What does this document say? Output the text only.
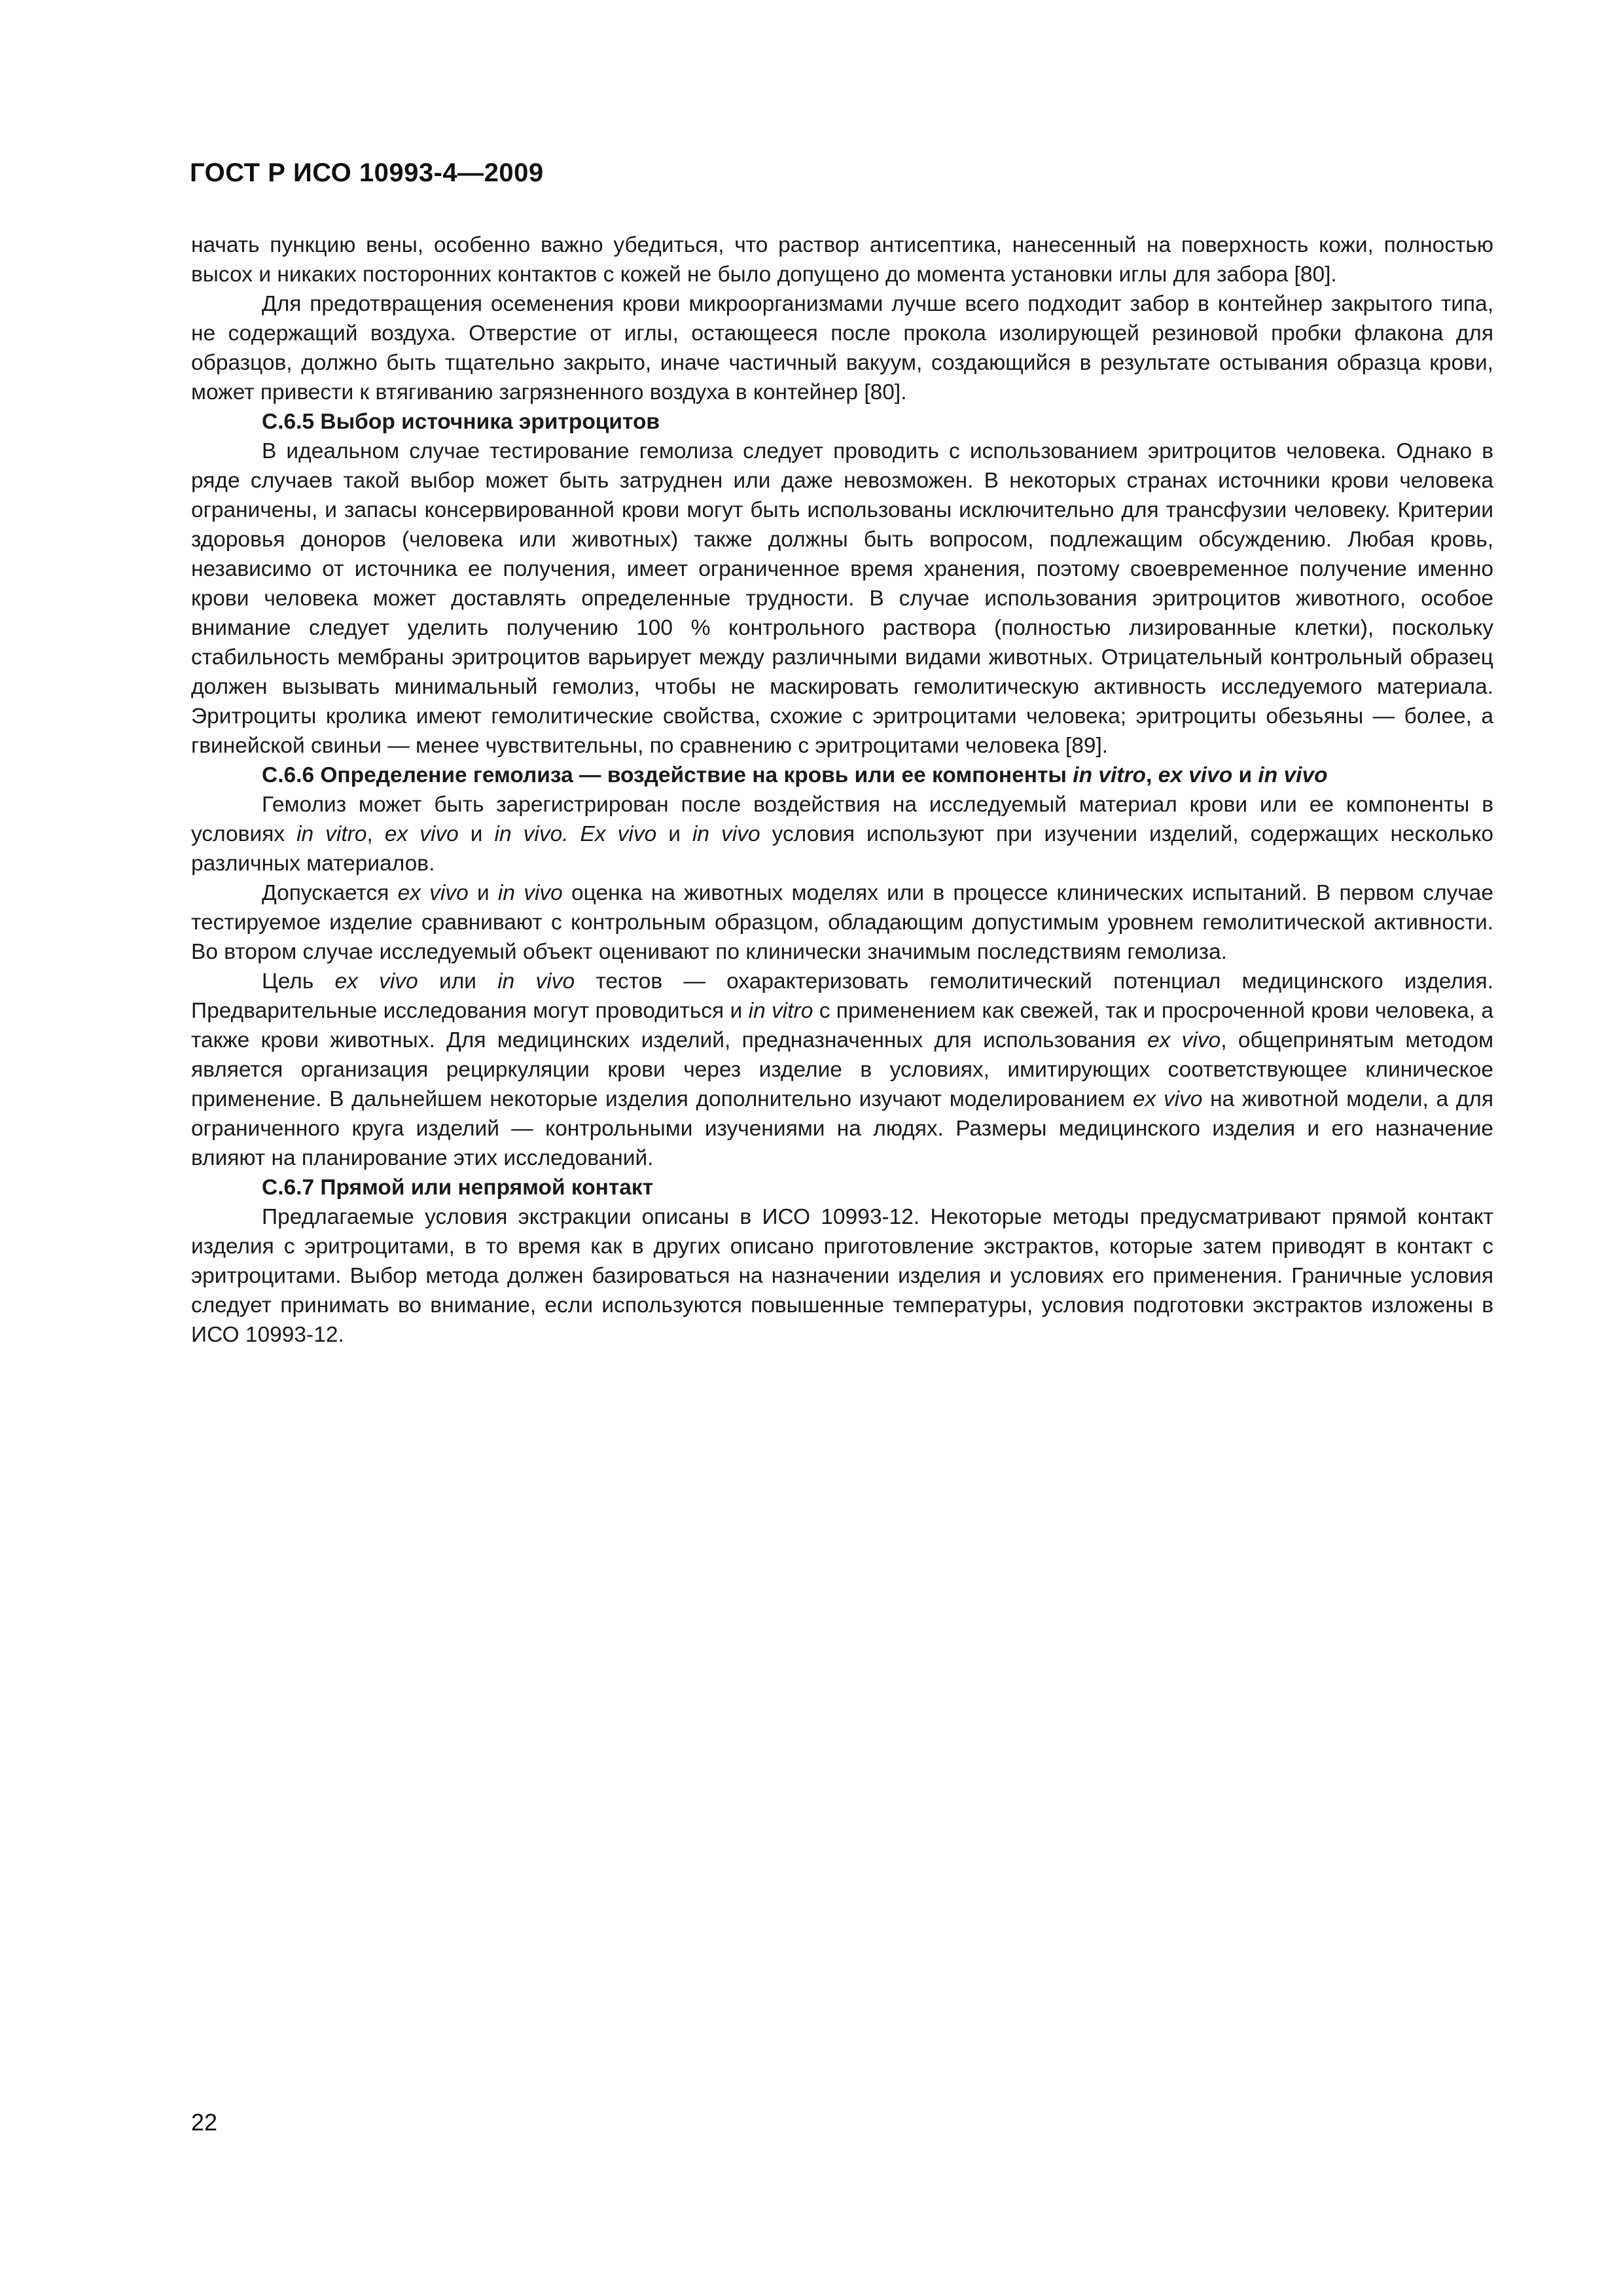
ГОСТ Р ИСО 10993-4—2009

начать пункцию вены, особенно важно убедиться, что раствор антисептика, нанесенный на поверхность кожи, полностью высох и никаких посторонних контактов с кожей не было допущено до момента установки иглы для забора [80].

Для предотвращения осеменения крови микроорганизмами лучше всего подходит забор в контейнер закрытого типа, не содержащий воздуха. Отверстие от иглы, остающееся после прокола изолирующей резиновой пробки флакона для образцов, должно быть тщательно закрыто, иначе частичный вакуум, создающийся в результате остывания образца крови, может привести к втягиванию загрязненного воздуха в контейнер [80].

С.6.5 Выбор источника эритроцитов

В идеальном случае тестирование гемолиза следует проводить с использованием эритроцитов человека. Однако в ряде случаев такой выбор может быть затруднен или даже невозможен. В некоторых странах источники крови человека ограничены, и запасы консервированной крови могут быть использованы исключительно для трансфузии человеку. Критерии здоровья доноров (человека или животных) также должны быть вопросом, подлежащим обсуждению. Любая кровь, независимо от источника ее получения, имеет ограниченное время хранения, поэтому своевременное получение именно крови человека может доставлять определенные трудности. В случае использования эритроцитов животного, особое внимание следует уделить получению 100 % контрольного раствора (полностью лизированные клетки), поскольку стабильность мембраны эритроцитов варьирует между различными видами животных. Отрицательный контрольный образец должен вызывать минимальный гемолиз, чтобы не маскировать гемолитическую активность исследуемого материала. Эритроциты кролика имеют гемолитические свойства, схожие с эритроцитами человека; эритроциты обезьяны — более, а гвинейской свиньи — менее чувствительны, по сравнению с эритроцитами человека [89].

С.6.6 Определение гемолиза — воздействие на кровь или ее компоненты in vitro, ex vivo и in vivo

Гемолиз может быть зарегистрирован после воздействия на исследуемый материал крови или ее компоненты в условиях in vitro, ex vivo и in vivo. Ex vivo и in vivo условия используют при изучении изделий, содержащих несколько различных материалов.

Допускается ex vivo и in vivo оценка на животных моделях или в процессе клинических испытаний. В первом случае тестируемое изделие сравнивают с контрольным образцом, обладающим допустимым уровнем гемолитической активности. Во втором случае исследуемый объект оценивают по клинически значимым последствиям гемолиза.

Цель ex vivo или in vivo тестов — охарактеризовать гемолитический потенциал медицинского изделия. Предварительные исследования могут проводиться и in vitro с применением как свежей, так и просроченной крови человека, а также крови животных. Для медицинских изделий, предназначенных для использования ex vivo, общепринятым методом является организация рециркуляции крови через изделие в условиях, имитирующих соответствующее клиническое применение. В дальнейшем некоторые изделия дополнительно изучают моделированием ex vivo на животной модели, а для ограниченного круга изделий — контрольными изучениями на людях. Размеры медицинского изделия и его назначение влияют на планирование этих исследований.

С.6.7 Прямой или непрямой контакт

Предлагаемые условия экстракции описаны в ИСО 10993-12. Некоторые методы предусматривают прямой контакт изделия с эритроцитами, в то время как в других описано приготовление экстрактов, которые затем приводят в контакт с эритроцитами. Выбор метода должен базироваться на назначении изделия и условиях его применения. Граничные условия следует принимать во внимание, если используются повышенные температуры, условия подготовки экстрактов изложены в ИСО 10993-12.

22
